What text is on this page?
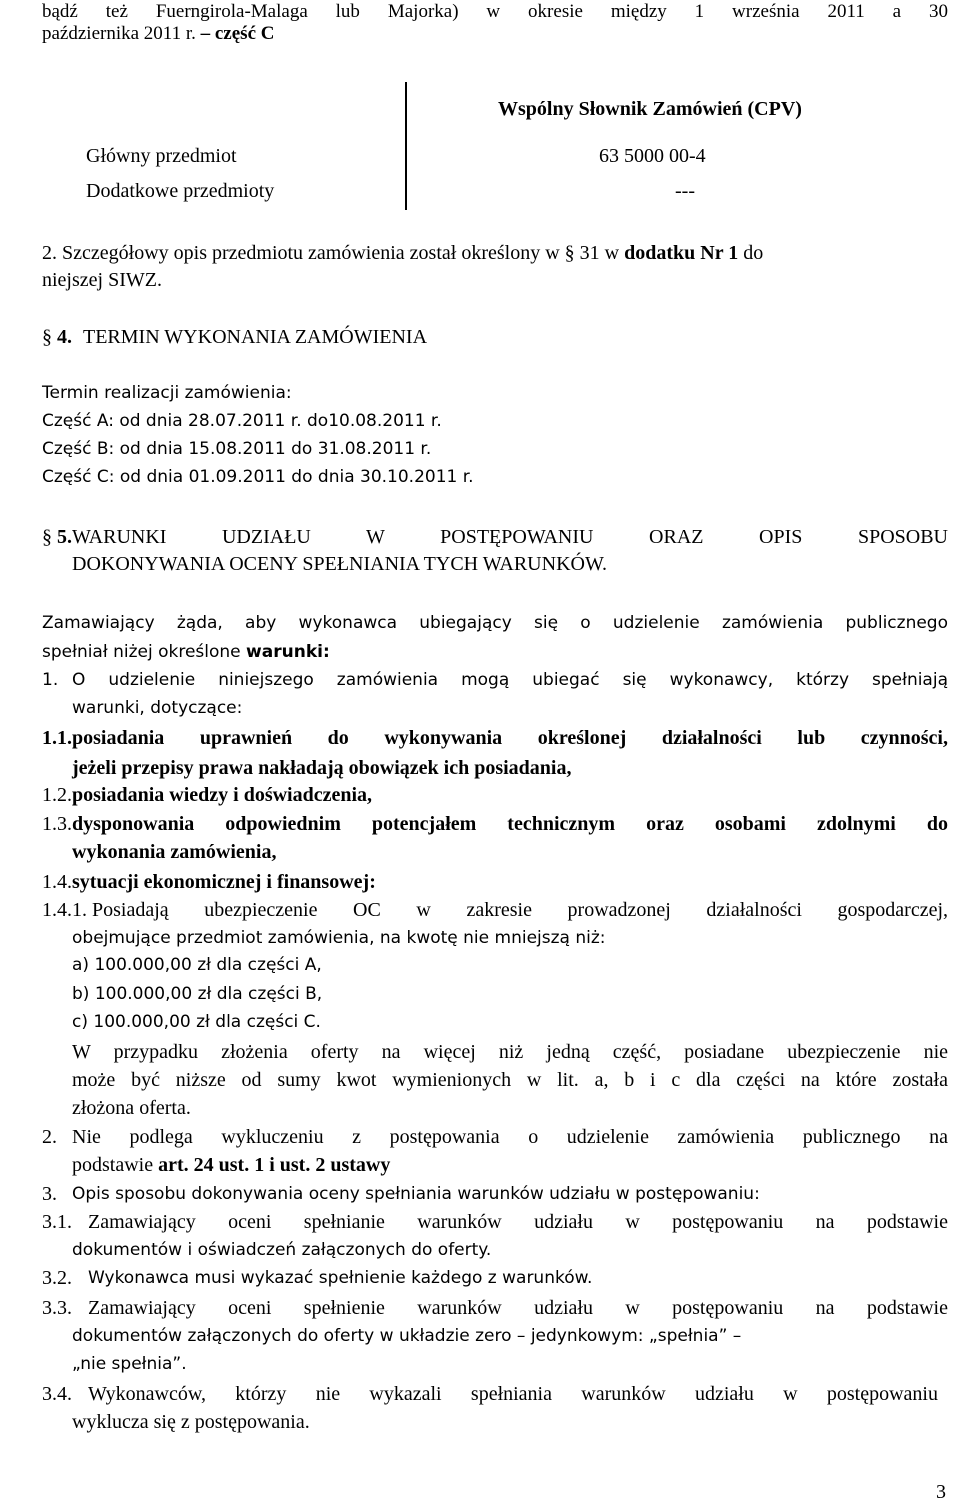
bądź też Fuerngirola-Malaga lub Majorka) w okresie między 1 września 2011 a 30
października 2011 r. – część C
Wspólny Słownik Zamówień (CPV)
Główny przedmiot	63 5000 00-4
Dodatkowe przedmioty	---
2. Szczegółowy opis przedmiotu zamówienia został określony w § 31 w dodatku Nr 1 do
niejszej SIWZ.
§ 4. TERMIN WYKONANIA ZAMÓWIENIA
Termin realizacji zamówienia:
Część A: od dnia 28.07.2011 r. do10.08.2011 r.
Część B: od dnia 15.08.2011 do 31.08.2011 r.
Część C: od dnia 01.09.2011 do dnia 30.10.2011 r.
§ 5. WARUNKI UDZIAŁU W POSTĘPOWANIU ORAZ OPIS SPOSOBU
DOKONYWANIA OCENY SPEŁNIANIA TYCH WARUNKÓW.
Zamawiający żąda, aby wykonawca ubiegający się o udzielenie zamówienia publicznego
spełniał niżej określone warunki:
1. O udzielenie niniejszego zamówienia mogą ubiegać się wykonawcy, którzy spełniają
warunki, dotyczące:
1.1. posiadania uprawnień do wykonywania określonej działalności lub czynności,
jeżeli przepisy prawa nakładają obowiązek ich posiadania,
1.2. posiadania wiedzy i doświadczenia,
1.3. dysponowania odpowiednim potencjałem technicznym oraz osobami zdolnymi do
wykonania zamówienia,
1.4. sytuacji ekonomicznej i finansowej:
1.4.1. Posiadają ubezpieczenie OC w zakresie prowadzonej działalności gospodarczej,
obejmujące przedmiot zamówienia, na kwotę nie mniejszą niż:
a) 100.000,00 zł dla części A,
b) 100.000,00 zł dla części B,
c) 100.000,00 zł dla części C.
W przypadku złożenia oferty na więcej niż jedną część, posiadane ubezpieczenie nie
może być niższe od sumy kwot wymienionych w lit. a, b i c dla części na które została
złożona oferta.
2. Nie podlega wykluczeniu z postępowania o udzielenie zamówienia publicznego na
podstawie art. 24 ust. 1 i ust. 2 ustawy
3. Opis sposobu dokonywania oceny spełniania warunków udziału w postępowaniu:
3.1. Zamawiający oceni spełnianie warunków udziału w postępowaniu na podstawie
dokumentów i oświadczeń załączonych do oferty.
3.2. Wykonawca musi wykazać spełnienie każdego z warunków.
3.3. Zamawiający oceni spełnienie warunków udziału w postępowaniu na podstawie
dokumentów załączonych do oferty w układzie zero – jedynkowym: „spełnia” –
„nie spełnia”.
3.4. Wykonawców, którzy nie wykazali spełniania warunków udziału w postępowaniu
wyklucza się z postępowania.
3
